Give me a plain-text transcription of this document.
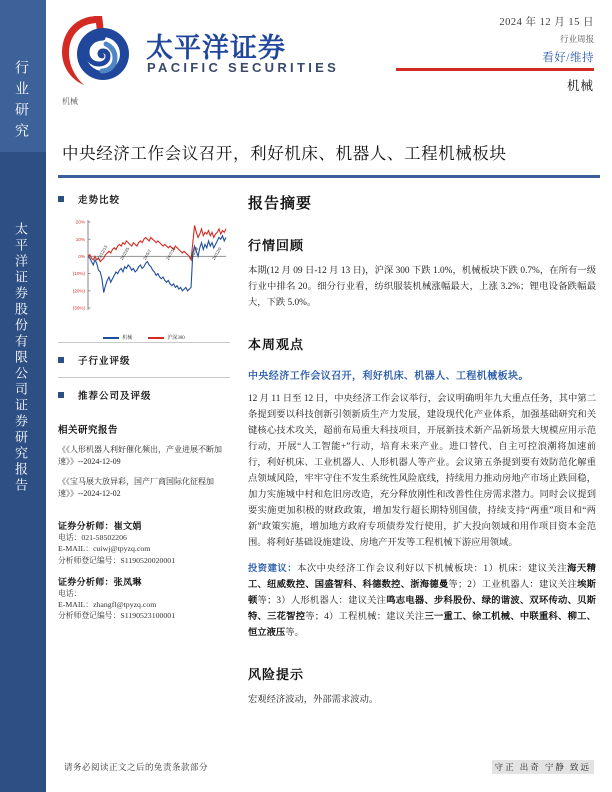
行业研究
太平洋证券股份有限公司证券研究报告
太平洋证券
PACIFIC SECURITIES
机械
2024 年 12 月 15 日
行业周报
看好/维持
机械
中央经济工作会议召开，利好机床、机器人、工程机械板块
走势比较
20%
10%
0%
(10%)
(20%)
(30%)
23/12/15	24/2/25	24/5/7	24/7/18	24/9/28	24/12/9
机械	沪深300
子行业评级
推荐公司及评级
相关研究报告
《《人形机器人利好催化频出，产业进展不断加速》》--2024-12-09
《《宝马展大放异彩，国产厂商国际化征程加速》》--2024-12-02
证券分析师：崔文娟
电话：021-58502206
E-MAIL：cuiwj@tpyzq.com
分析师登记编号：S1190520020001
证券分析师：张凤琳
电话：
E-MAIL：zhangfl@tpyzq.com
分析师登记编号：S1190523100001
报告摘要
行情回顾
本期(12 月 09 日-12 月 13 日)，沪深 300 下跌 1.0%，机械板块下跌 0.7%，在所有一级行业中排名 20。细分行业看，纺织服装机械涨幅最大，上涨 3.2%；锂电设备跌幅最大，下跌 5.0%。
本周观点
中央经济工作会议召开，利好机床、机器人、工程机械板块。
12 月 11 日至 12 日，中央经济工作会议举行，会议明确明年九大重点任务，其中第二条提到要以科技创新引领新质生产力发展，建设现代化产业体系，加强基础研究和关键核心技术攻关，超前布局重大科技项目，开展新技术新产品新场景大规模应用示范行动，开展“人工智能+”行动，培育未来产业。进口替代、自主可控浪潮将加速前行，利好机床、工业机器人、人形机器人等产业。会议第五条提到要有效防范化解重点领域风险，牢牢守住不发生系统性风险底线，持续用力推动房地产市场止跌回稳，加力实施城中村和危旧房改造，充分释放刚性和改善性住房需求潜力。同时会议提到要实施更加积极的财政政策，增加发行超长期特别国债，持续支持“两重”项目和“两新”政策实施，增加地方政府专项债券发行使用，扩大投向领域和用作项目资本金范围。将利好基础设施建设、房地产开发等工程机械下游应用领域。
投资建议：本次中央经济工作会议利好以下机械板块：1）机床：建议关注海天精工、纽威数控、国盛智科、科德数控、浙海德曼等；2）工业机器人：建议关注埃斯顿等；3）人形机器人：建议关注鸣志电器、步科股份、绿的谐波、双环传动、贝斯特、三花智控等；4）工程机械：建议关注三一重工、徐工机械、中联重科、柳工、恒立液压等。
风险提示
宏观经济波动，外部需求波动。
请务必阅读正文之后的免责条款部分	守正 出奇 宁静 致远
